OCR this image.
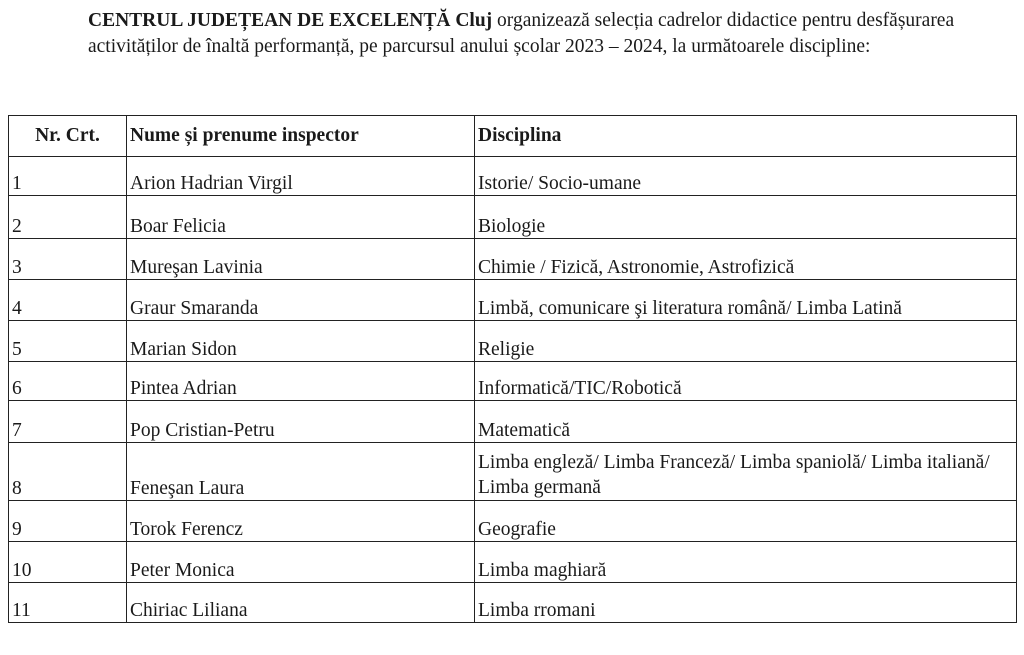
CENTRUL JUDEȚEAN DE EXCELENȚĂ Cluj organizează selecția cadrelor didactice pentru desfășurarea activităților de înaltă performanță, pe parcursul anului școlar 2023 – 2024, la următoarele discipline:

Nr. Crt.	Nume și prenume inspector	Disciplina
1	Arion Hadrian Virgil	Istorie/ Socio-umane
2	Boar Felicia	Biologie
3	Mureşan Lavinia	Chimie / Fizică, Astronomie, Astrofizică
4	Graur Smaranda	Limbă, comunicare şi literatura română/ Limba Latină
5	Marian Sidon	Religie
6	Pintea Adrian	Informatică/TIC/Robotică
7	Pop Cristian-Petru	Matematică
8	Feneşan Laura	Limba engleză/ Limba Franceză/ Limba spaniolă/ Limba italiană/ Limba germană
9	Torok Ferencz	Geografie
10	Peter Monica	Limba maghiară
11	Chiriac Liliana	Limba rromani
